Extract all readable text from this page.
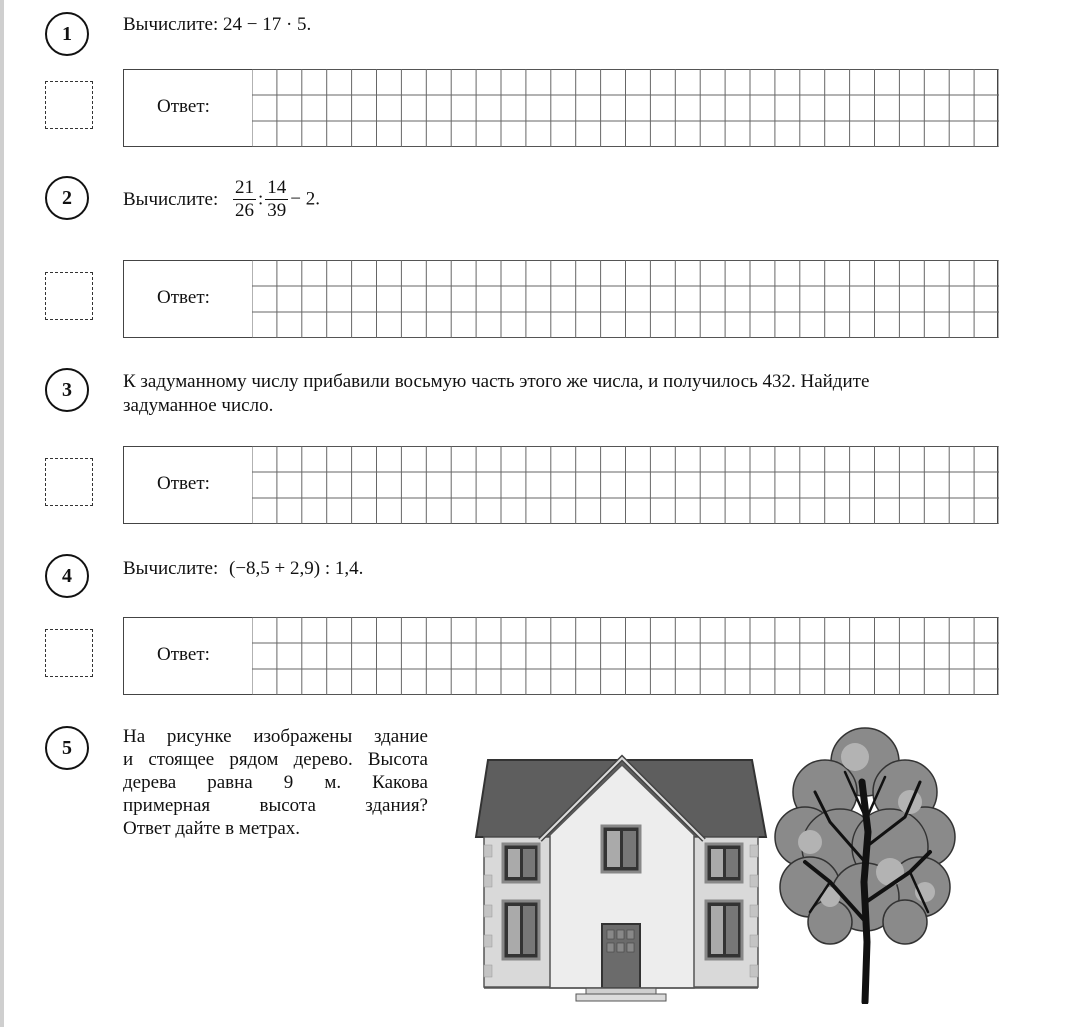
1	Вычислите: 24 − 17 · 5.
Ответ:
2	Вычислите: $\frac{21}{26}$ : $\frac{14}{39} - 2$.
Ответ:
3	К задуманному числу прибавили восьмую часть этого же числа, и получилось 432. Найдите
задуманное число.
Ответ:
4	Вычислите: (−8,5 + 2,9) : 1,4.
Ответ:
5	На рисунке изображены здание
и стоящее рядом дерево. Высота
дерева равна 9 м. Какова
примерная	высота	здания?
Ответ дайте в метрах.
